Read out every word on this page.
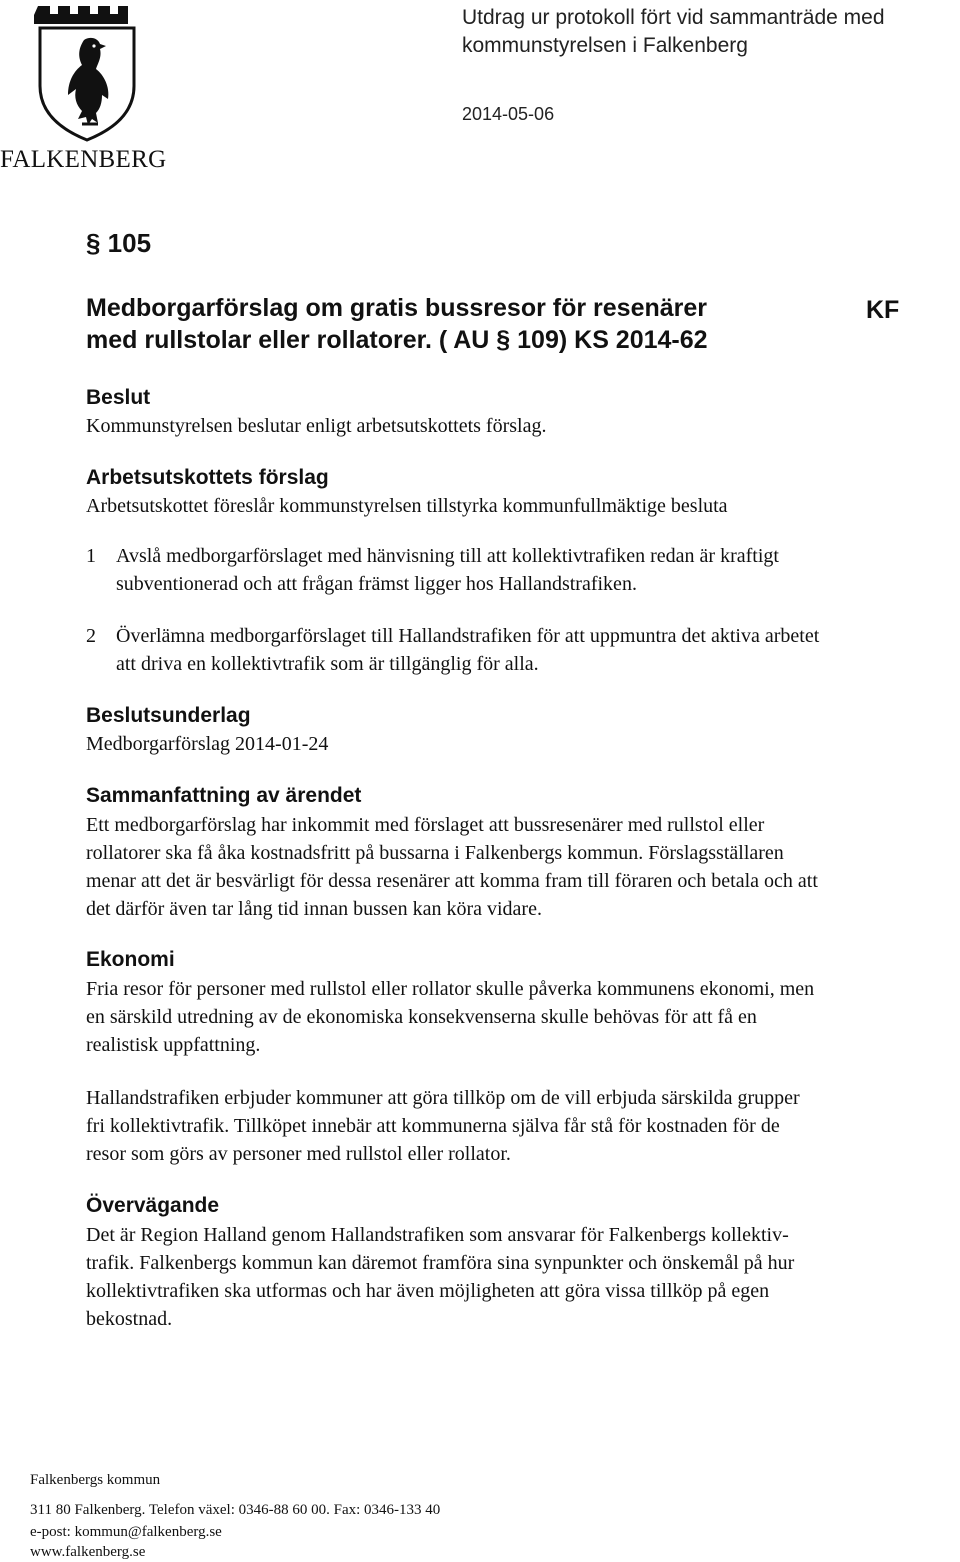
FALKENBERG
Utdrag ur protokoll fört vid sammanträde med
kommunstyrelsen i Falkenberg
2014-05-06
§ 105
Medborgarförslag om gratis bussresor för resenärer
med rullstolar eller rollatorer. ( AU § 109) KS 2014-62
KF
Beslut
Kommunstyrelsen beslutar enligt arbetsutskottets förslag.
Arbetsutskottets förslag
Arbetsutskottet föreslår kommunstyrelsen tillstyrka kommunfullmäktige besluta
1 Avslå medborgarförslaget med hänvisning till att kollektivtrafiken redan är kraftigt
subventionerad och att frågan främst ligger hos Hallandstrafiken.
2 Överlämna medborgarförslaget till Hallandstrafiken för att uppmuntra det aktiva arbetet
att driva en kollektivtrafik som är tillgänglig för alla.
Beslutsunderlag
Medborgarförslag 2014-01-24
Sammanfattning av ärendet
Ett medborgarförslag har inkommit med förslaget att bussresenärer med rullstol eller
rollatorer ska få åka kostnadsfritt på bussarna i Falkenbergs kommun. Förslagsställaren
menar att det är besvärligt för dessa resenärer att komma fram till föraren och betala och att
det därför även tar lång tid innan bussen kan köra vidare.
Ekonomi
Fria resor för personer med rullstol eller rollator skulle påverka kommunens ekonomi, men
en särskild utredning av de ekonomiska konsekvenserna skulle behövas för att få en
realistisk uppfattning.
Hallandstrafiken erbjuder kommuner att göra tillköp om de vill erbjuda särskilda grupper
fri kollektivtrafik. Tillköpet innebär att kommunerna själva får stå för kostnaden för de
resor som görs av personer med rullstol eller rollator.
Övervägande
Det är Region Halland genom Hallandstrafiken som ansvarar för Falkenbergs kollektiv-
trafik. Falkenbergs kommun kan däremot framföra sina synpunkter och önskemål på hur
kollektivtrafiken ska utformas och har även möjligheten att göra vissa tillköp på egen
bekostnad.
Falkenbergs kommun
311 80 Falkenberg. Telefon växel: 0346-88 60 00. Fax: 0346-133 40
e-post: kommun@falkenberg.se
www.falkenberg.se
